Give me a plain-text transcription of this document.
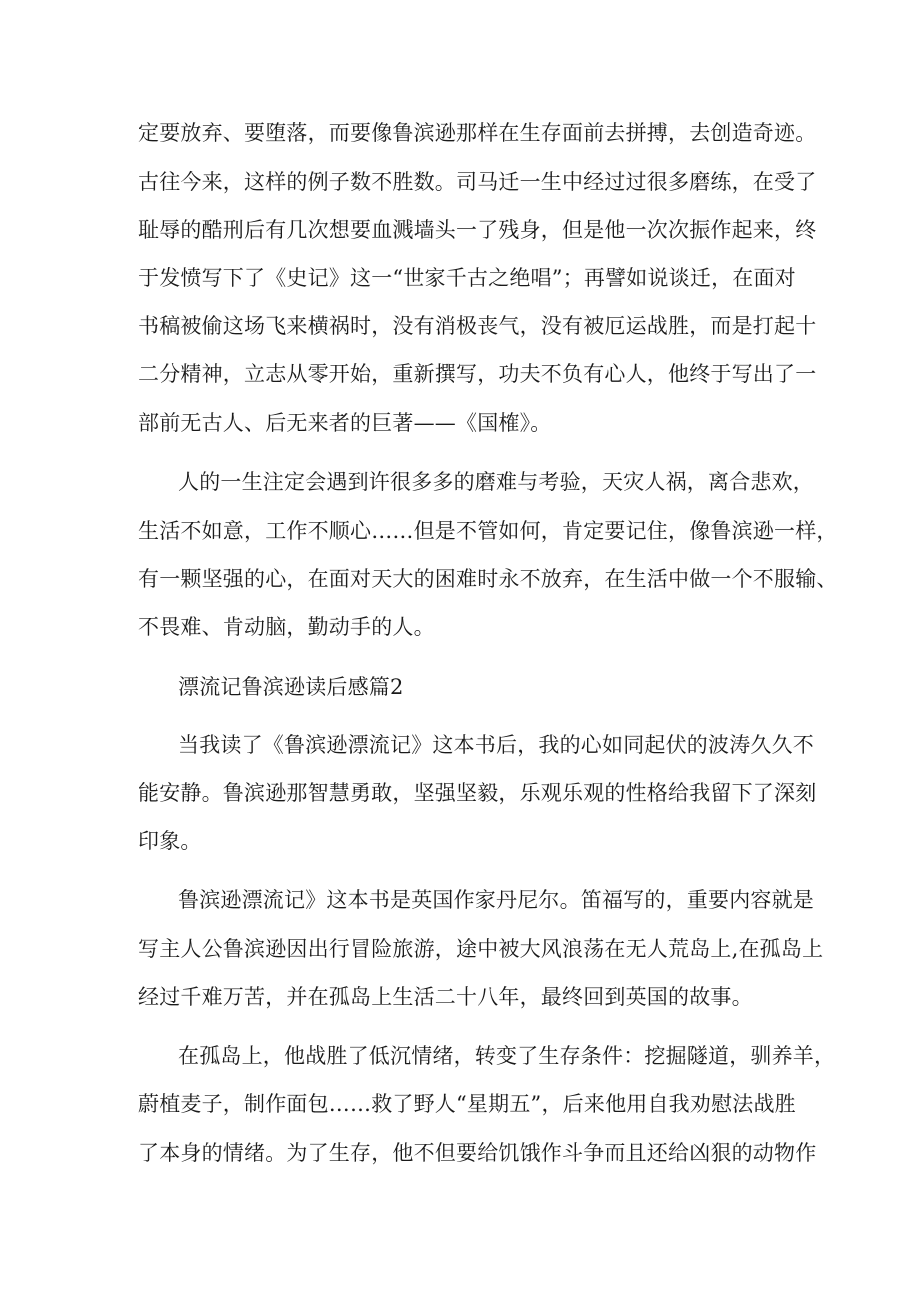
定要放弃、要堕落，而要像鲁滨逊那样在生存面前去拼搏，去创造奇迹。
古往今来，这样的例子数不胜数。司马迁一生中经过过很多磨练，在受了
耻辱的酷刑后有几次想要血溅墙头一了残身，但是他一次次振作起来，终
于发愤写下了《史记》这一“世家千古之绝唱”；再譬如说谈迁，在面对
书稿被偷这场飞来横祸时，没有消极丧气，没有被厄运战胜，而是打起十
二分精神，立志从零开始，重新撰写，功夫不负有心人，他终于写出了一
部前无古人、后无来者的巨著——《国榷》。
人的一生注定会遇到许很多多的磨难与考验，天灾人祸，离合悲欢，
生活不如意，工作不顺心……但是不管如何，肯定要记住，像鲁滨逊一样，
有一颗坚强的心，在面对天大的困难时永不放弃，在生活中做一个不服输、
不畏难、肯动脑，勤动手的人。
漂流记鲁滨逊读后感篇2
当我读了《鲁滨逊漂流记》这本书后，我的心如同起伏的波涛久久不
能安静。鲁滨逊那智慧勇敢，坚强坚毅，乐观乐观的性格给我留下了深刻
印象。
鲁滨逊漂流记》这本书是英国作家丹尼尔。笛福写的，重要内容就是
写主人公鲁滨逊因出行冒险旅游，途中被大风浪荡在无人荒岛上,在孤岛上
经过千难万苦，并在孤岛上生活二十八年，最终回到英国的故事。
在孤岛上，他战胜了低沉情绪，转变了生存条件：挖掘隧道，驯养羊，
蔚植麦子，制作面包……救了野人“星期五”，后来他用自我劝慰法战胜
了本身的情绪。为了生存，他不但要给饥饿作斗争而且还给凶狠的动物作
